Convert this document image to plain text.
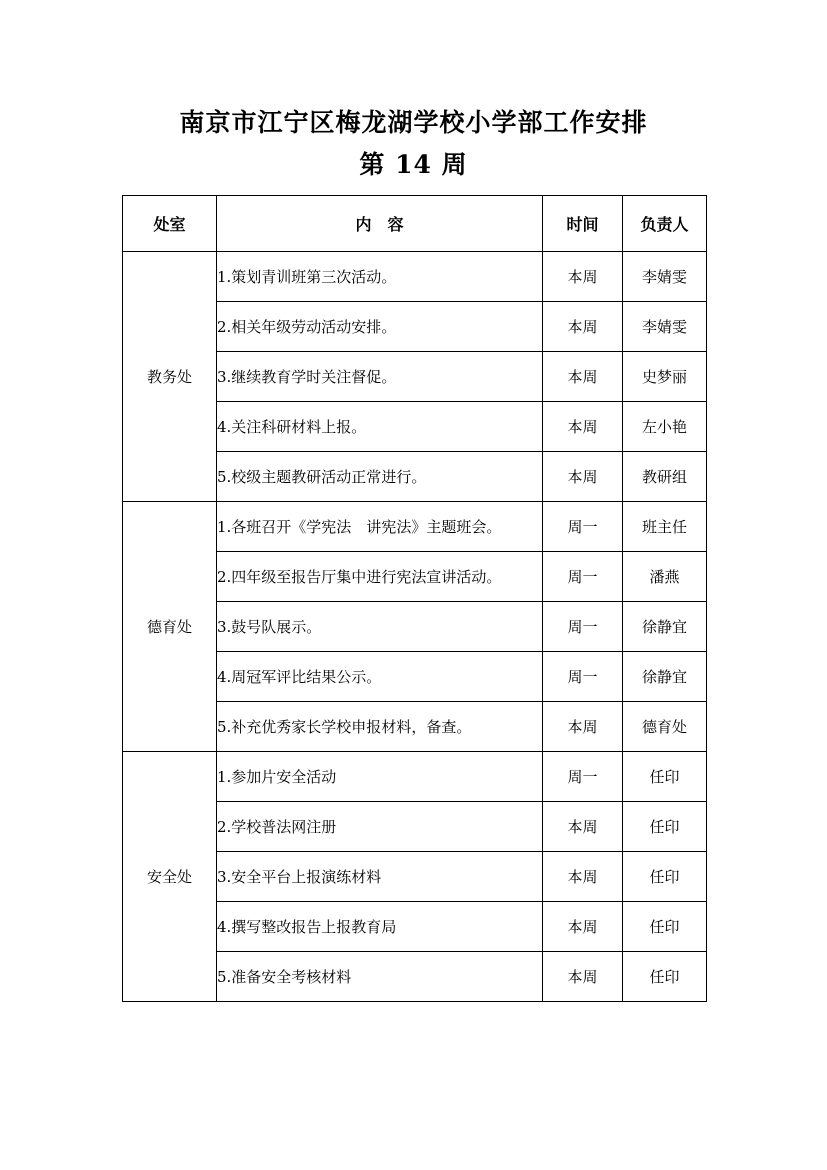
南京市江宁区梅龙湖学校小学部工作安排
第 14 周
处室	内　容	时间	负责人
教务处	1.策划青训班第三次活动。	本周	李婧雯
	2.相关年级劳动活动安排。	本周	李婧雯
	3.继续教育学时关注督促。	本周	史梦丽
	4.关注科研材料上报。	本周	左小艳
	5.校级主题教研活动正常进行。	本周	教研组
德育处	1.各班召开《学宪法　讲宪法》主题班会。	周一	班主任
	2.四年级至报告厅集中进行宪法宣讲活动。	周一	潘燕
	3.鼓号队展示。	周一	徐静宜
	4.周冠军评比结果公示。	周一	徐静宜
	5.补充优秀家长学校申报材料，备查。	本周	德育处
安全处	1.参加片安全活动	周一	任印
	2.学校普法网注册	本周	任印
	3.安全平台上报演练材料	本周	任印
	4.撰写整改报告上报教育局	本周	任印
	5.准备安全考核材料	本周	任印
